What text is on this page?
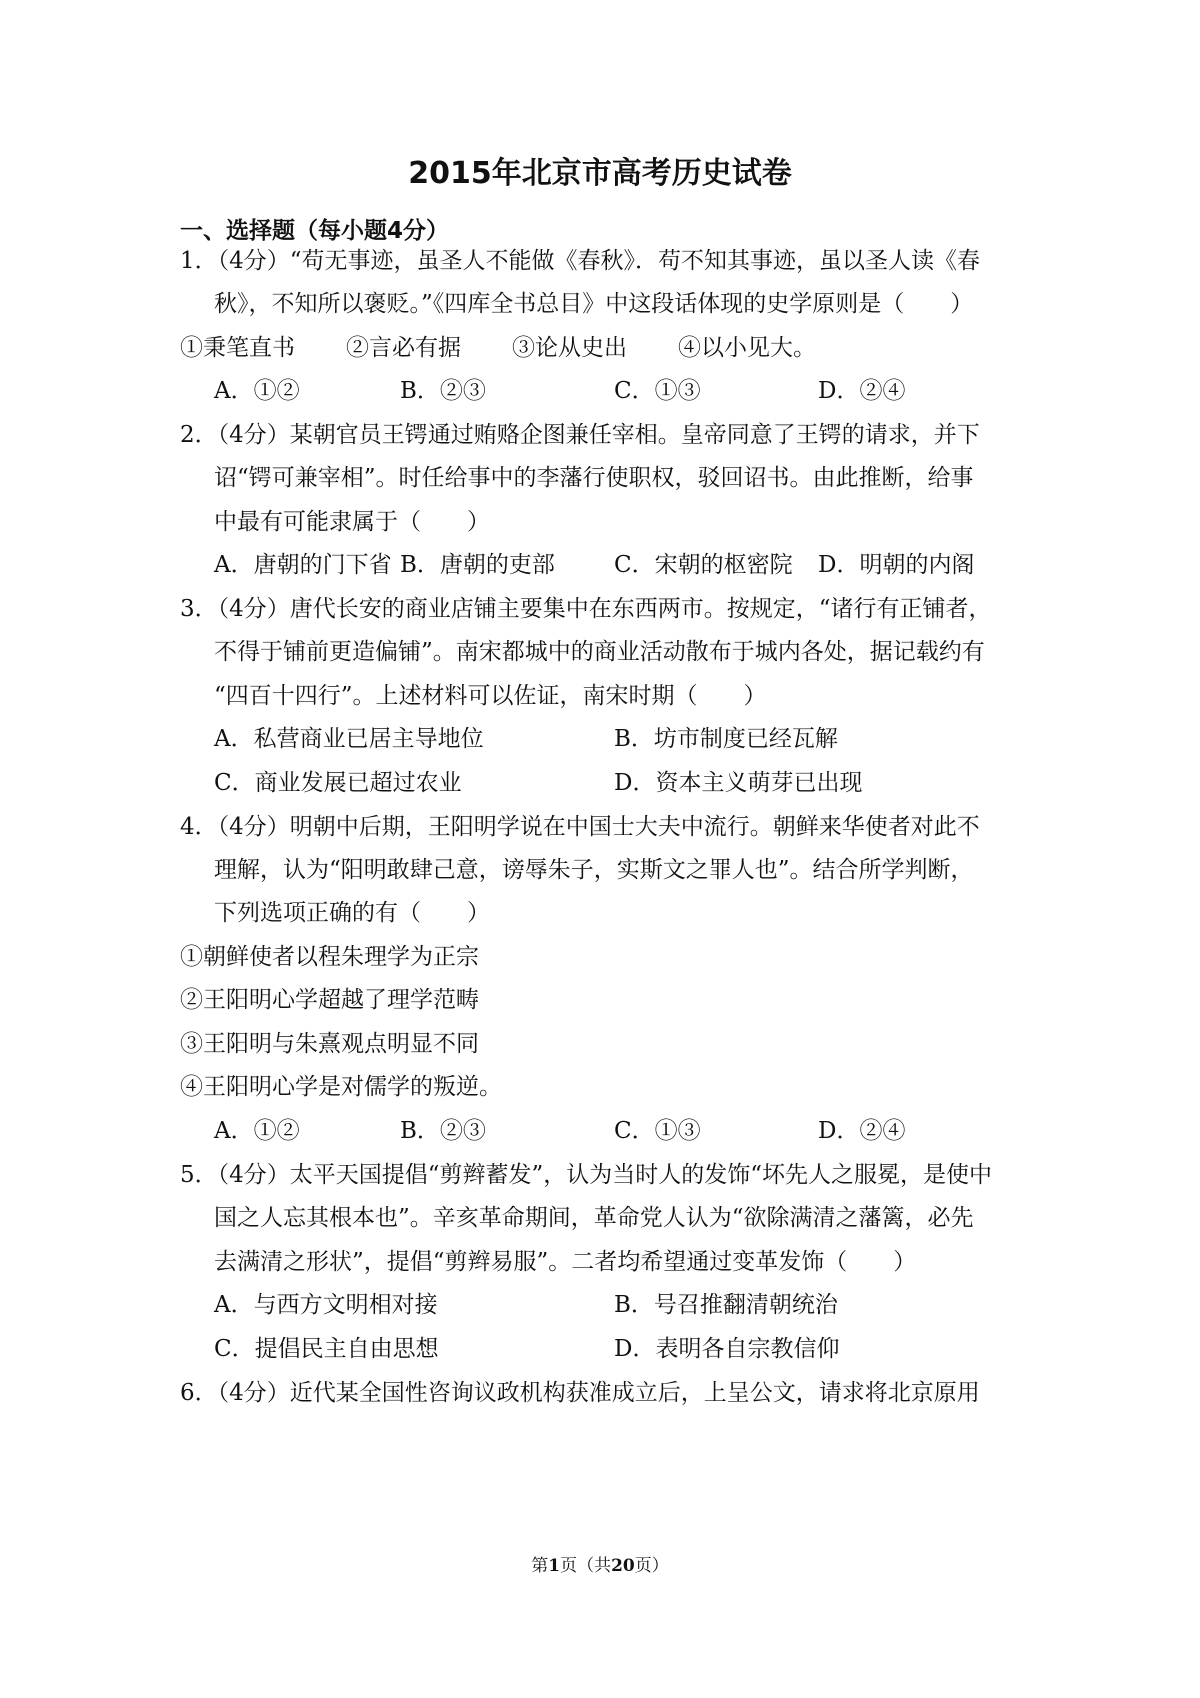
2015年北京市高考历史试卷
一、选择题（每小题4分）
1．（4分）“苟无事迹，虽圣人不能做《春秋》．苟不知其事迹，虽以圣人读《春
秋》，不知所以褒贬。”《四库全书总目》中这段话体现的史学原则是（　　）
①秉笔直书 ②言必有据 ③论从史出 ④以小见大。
A．①②	B．②③	C．①③	D．②④
2．（4分）某朝官员王锷通过贿赂企图兼任宰相。皇帝同意了王锷的请求，并下
诏“锷可兼宰相”。时任给事中的李藩行使职权，驳回诏书。由此推断，给事
中最有可能隶属于（　　）
A．唐朝的门下省 B．唐朝的吏部	C．宋朝的枢密院 D．明朝的内阁
3．（4分）唐代长安的商业店铺主要集中在东西两市。按规定，“诸行有正铺者，
不得于铺前更造偏铺”。南宋都城中的商业活动散布于城内各处，据记载约有
“四百十四行”。上述材料可以佐证，南宋时期（　　）
A．私营商业已居主导地位	B．坊市制度已经瓦解
C．商业发展已超过农业	D．资本主义萌芽已出现
4．（4分）明朝中后期，王阳明学说在中国士大夫中流行。朝鲜来华使者对此不
理解，认为“阳明敢肆己意，谤辱朱子，实斯文之罪人也”。结合所学判断，
下列选项正确的有（　　）
①朝鲜使者以程朱理学为正宗
②王阳明心学超越了理学范畴
③王阳明与朱熹观点明显不同
④王阳明心学是对儒学的叛逆。
A．①②	B．②③	C．①③	D．②④
5．（4分）太平天国提倡“剪辫蓄发”，认为当时人的发饰“坏先人之服冕，是使中
国之人忘其根本也”。辛亥革命期间，革命党人认为“欲除满清之藩篱，必先
去满清之形状”，提倡“剪辫易服”。二者均希望通过变革发饰（　　）
A．与西方文明相对接	B．号召推翻清朝统治
C．提倡民主自由思想	D．表明各自宗教信仰
6．（4分）近代某全国性咨询议政机构获准成立后，上呈公文，请求将北京原用
第1页（共20页）
